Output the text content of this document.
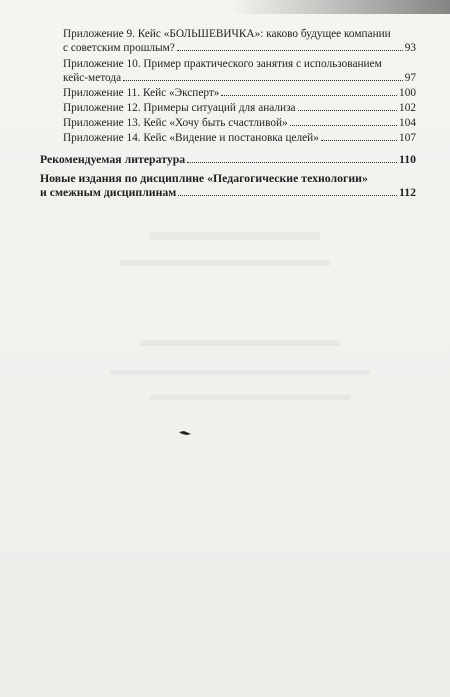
Приложение 9. Кейс «БОЛЬШЕВИЧКА»: каково будущее компании
с советским прошлым?	93
Приложение 10. Пример практического занятия с использованием
кейс-метода	97
Приложение 11. Кейс «Эксперт»	100
Приложение 12. Примеры ситуаций для анализа	102
Приложение 13. Кейс «Хочу быть счастливой»	104
Приложение 14. Кейс «Видение и постановка целей»	107
Рекомендуемая литература	110
Новые издания по дисциплине «Педагогические технологии»
и смежным дисциплинам	112
